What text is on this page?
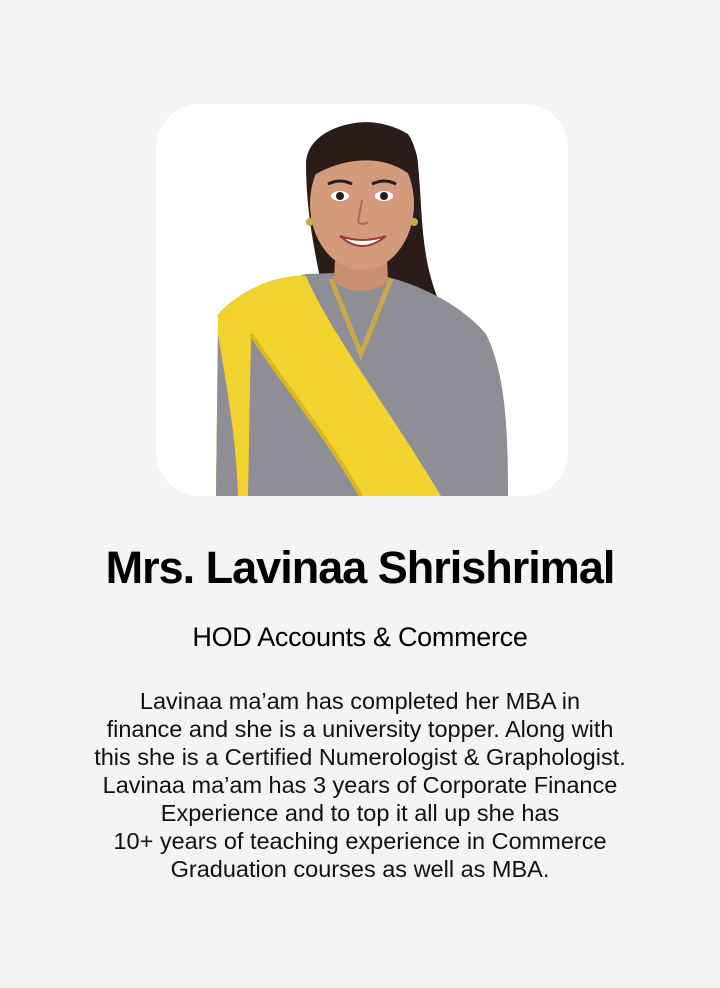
Mrs. Lavinaa Shrishrimal
HOD Accounts & Commerce
Lavinaa ma’am has completed her MBA in
finance and she is a university topper. Along with
this she is a Certified Numerologist & Graphologist.
Lavinaa ma’am has 3 years of Corporate Finance
Experience and to top it all up she has
10+ years of teaching experience in Commerce
Graduation courses as well as MBA.
